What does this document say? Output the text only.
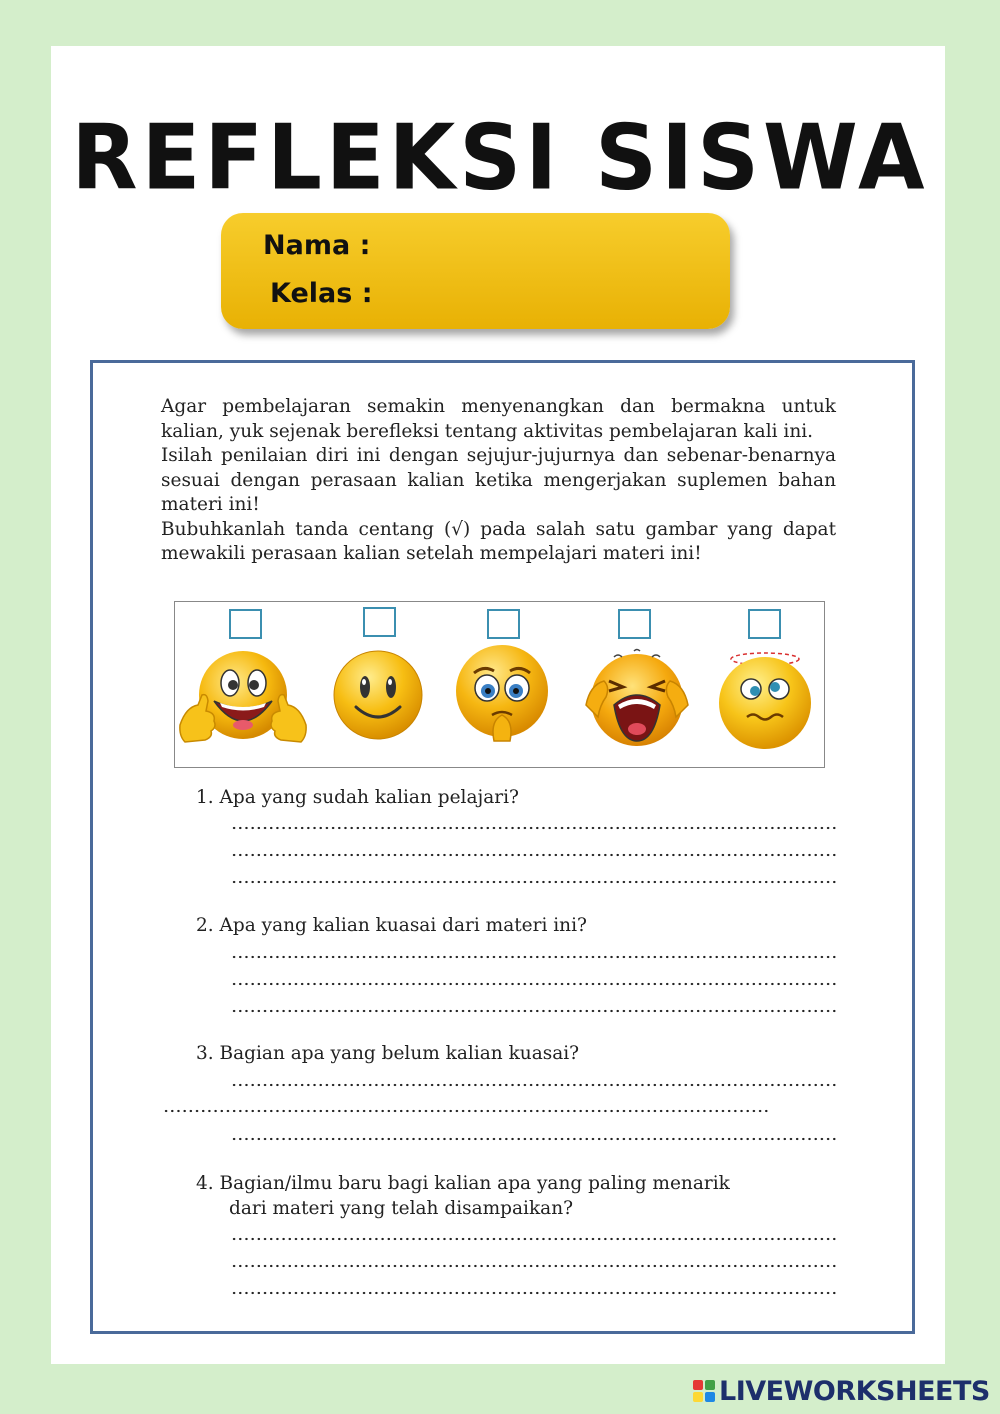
REFLEKSI SISWA
Nama :
Kelas :

Agar pembelajaran semakin menyenangkan dan bermakna untuk kalian, yuk sejenak berefleksi tentang aktivitas pembelajaran kali ini.

Isilah penilaian diri ini dengan sejujur-jujurnya dan sebenar-benarnya sesuai dengan perasaan kalian ketika mengerjakan suplemen bahan materi ini!

Bubuhkanlah tanda centang (√) pada salah satu gambar yang dapat mewakili perasaan kalian setelah mempelajari materi ini!

1. Apa yang sudah kalian pelajari?
2. Apa yang kalian kuasai dari materi ini?
3. Bagian apa yang belum kalian kuasai?
4. Bagian/ilmu baru bagi kalian apa yang paling menarik
dari materi yang telah disampaikan?
LIVEWORKSHEETS
